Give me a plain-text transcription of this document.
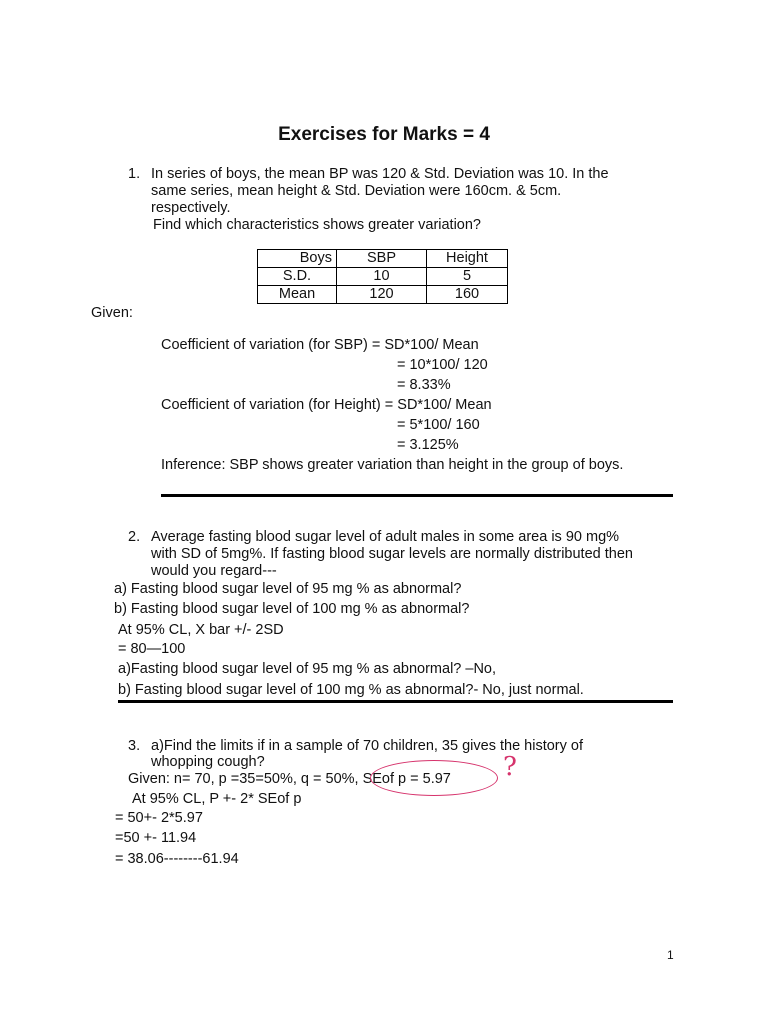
Exercises for Marks = 4
1. In series of boys, the mean BP was 120 & Std. Deviation was 10. In the
same series, mean height & Std. Deviation were 160cm. & 5cm.
respectively.
Find which characteristics shows greater variation?
Boys	SBP	Height
S.D.	10	5
Mean	120	160
Given:
Coefficient of variation (for SBP) = SD*100/ Mean
= 10*100/ 120
= 8.33%
Coefficient of variation (for Height) = SD*100/ Mean
= 5*100/ 160
= 3.125%
Inference: SBP shows greater variation than height in the group of boys.
2. Average fasting blood sugar level of adult males in some area is 90 mg%
with SD of 5mg%. If fasting blood sugar levels are normally distributed then
would you regard---
a) Fasting blood sugar level of 95 mg % as abnormal?
b) Fasting blood sugar level of 100 mg % as abnormal?
At 95% CL, X bar +/- 2SD
= 80—100
a)Fasting blood sugar level of 95 mg % as abnormal? –No,
b) Fasting blood sugar level of 100 mg % as abnormal?- No, just normal.
3. a)Find the limits if in a sample of 70 children, 35 gives the history of
whopping cough?
Given: n= 70, p =35=50%, q = 50%, SEof p = 5.97
At 95% CL, P +- 2* SEof p
= 50+- 2*5.97
=50 +- 11.94
= 38.06--------61.94
?
1
